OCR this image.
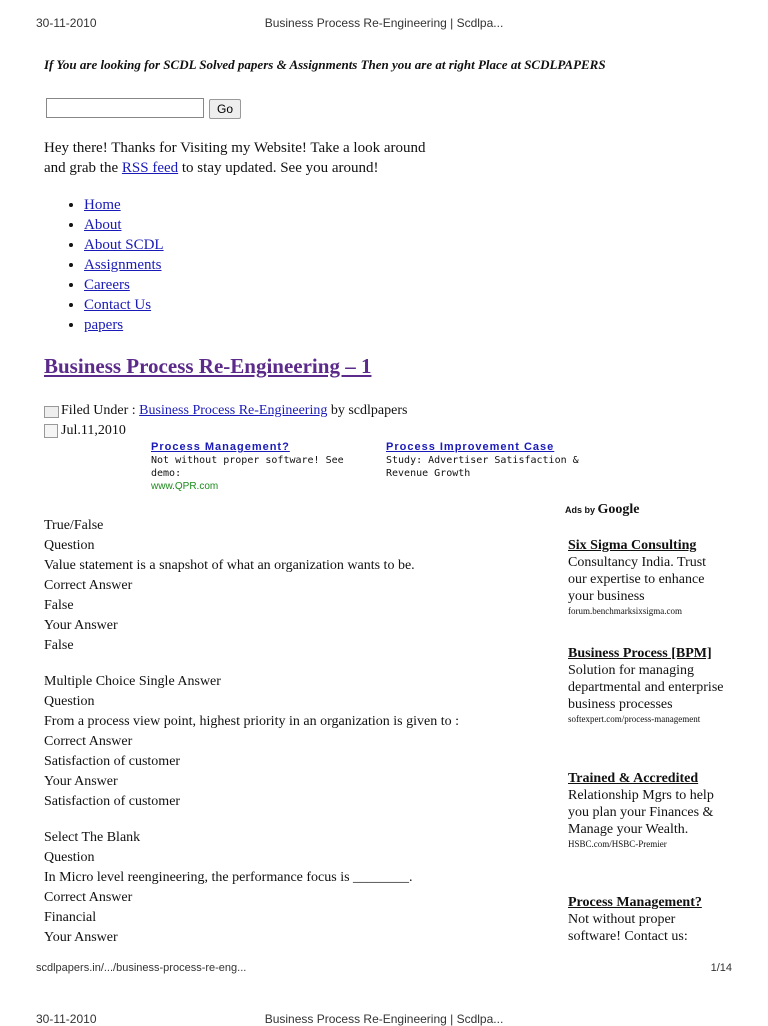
30-11-2010	Business Process Re-Engineering | Scdlpa...
If You are looking for SCDL Solved papers & Assignments Then you are at right Place at SCDLPAPERS
Go
Hey there! Thanks for Visiting my Website! Take a look around
and grab the RSS feed to stay updated. See you around!
• Home
• About
• About SCDL
• Assignments
• Careers
• Contact Us
• papers
Business Process Re-Engineering – 1
Filed Under : Business Process Re-Engineering by scdlpapers
Jul.11,2010
Process Management?
Not without proper software! See demo:
www.QPR.com
Process Improvement Case
Study: Advertiser Satisfaction & Revenue Growth
True/False
Question
Value statement is a snapshot of what an organization wants to be.
Correct Answer
False
Your Answer
False
Multiple Choice Single Answer
Question
From a process view point, highest priority in an organization is given to :
Correct Answer
Satisfaction of customer
Your Answer
Satisfaction of customer
Select The Blank
Question
In Micro level reengineering, the performance focus is ________.
Correct Answer
Financial
Your Answer
Ads by Google
Six Sigma Consulting
Consultancy India. Trust our expertise to enhance your business
forum.benchmarksixsigma.com
Business Process [BPM]
Solution for managing departmental and enterprise business processes
softexpert.com/process-management
Trained & Accredited
Relationship Mgrs to help you plan your Finances & Manage your Wealth.
HSBC.com/HSBC-Premier
Process Management?
Not without proper software! Contact us:
scdlpapers.in/.../business-process-re-eng...	1/14
30-11-2010	Business Process Re-Engineering | Scdlpa...
